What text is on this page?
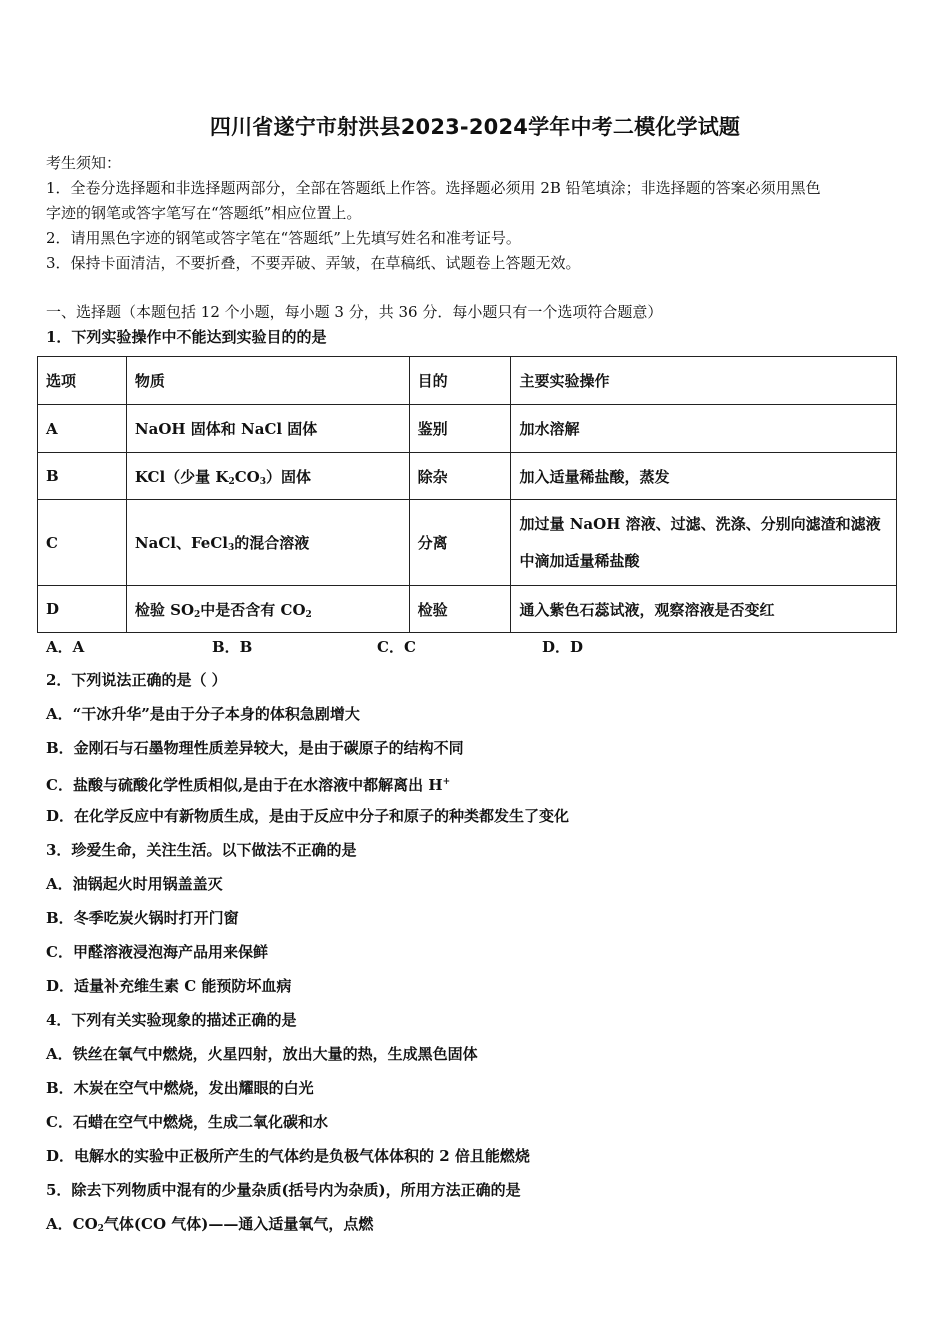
四川省遂宁市射洪县2023-2024学年中考二模化学试题
考生须知：
1．全卷分选择题和非选择题两部分，全部在答题纸上作答。选择题必须用 2B 铅笔填涂；非选择题的答案必须用黑色
字迹的钢笔或答字笔写在“答题纸”相应位置上。
2．请用黑色字迹的钢笔或答字笔在“答题纸”上先填写姓名和准考证号。
3．保持卡面清洁，不要折叠，不要弄破、弄皱，在草稿纸、试题卷上答题无效。
一、选择题（本题包括 12 个小题，每小题 3 分，共 36 分．每小题只有一个选项符合题意）
1．下列实验操作中不能达到实验目的的是
选项	物质	目的	主要实验操作
A	NaOH 固体和 NaCl 固体	鉴别	加水溶解
B	KCl（少量 $K_2CO_3$）固体	除杂	加入适量稀盐酸，蒸发
C	NaCl、FeCl$_3$的混合溶液	分离	加过量 NaOH 溶液、过滤、洗涤、分别向滤渣和滤液
中滴加适量稀盐酸

D	检验 $SO_2$中是否含有 $CO_2$	检验	通入紫色石蕊试液，观察溶液是否变红
A．A	B．B	C．C	D．D
2．下列说法正确的是（ ）
A．“干冰升华”是由于分子本身的体积急剧增大
B．金刚石与石墨物理性质差异较大，是由于碳原子的结构不同
C．盐酸与硫酸化学性质相似,是由于在水溶液中都解离出 H+
D．在化学反应中有新物质生成，是由于反应中分子和原子的种类都发生了变化
3．珍爱生命，关注生活。以下做法不正确的是
A．油锅起火时用锅盖盖灭
B．冬季吃炭火锅时打开门窗
C．甲醛溶液浸泡海产品用来保鲜
D．适量补充维生素 C 能预防坏血病
4．下列有关实验现象的描述正确的是
A．铁丝在氧气中燃烧，火星四射，放出大量的热，生成黑色固体
B．木炭在空气中燃烧，发出耀眼的白光
C．石蜡在空气中燃烧，生成二氧化碳和水
D．电解水的实验中正极所产生的气体约是负极气体体积的 2 倍且能燃烧
5．除去下列物质中混有的少量杂质(括号内为杂质)，所用方法正确的是
A．$CO_2$气体(CO 气体)——通入适量氧气，点燃
